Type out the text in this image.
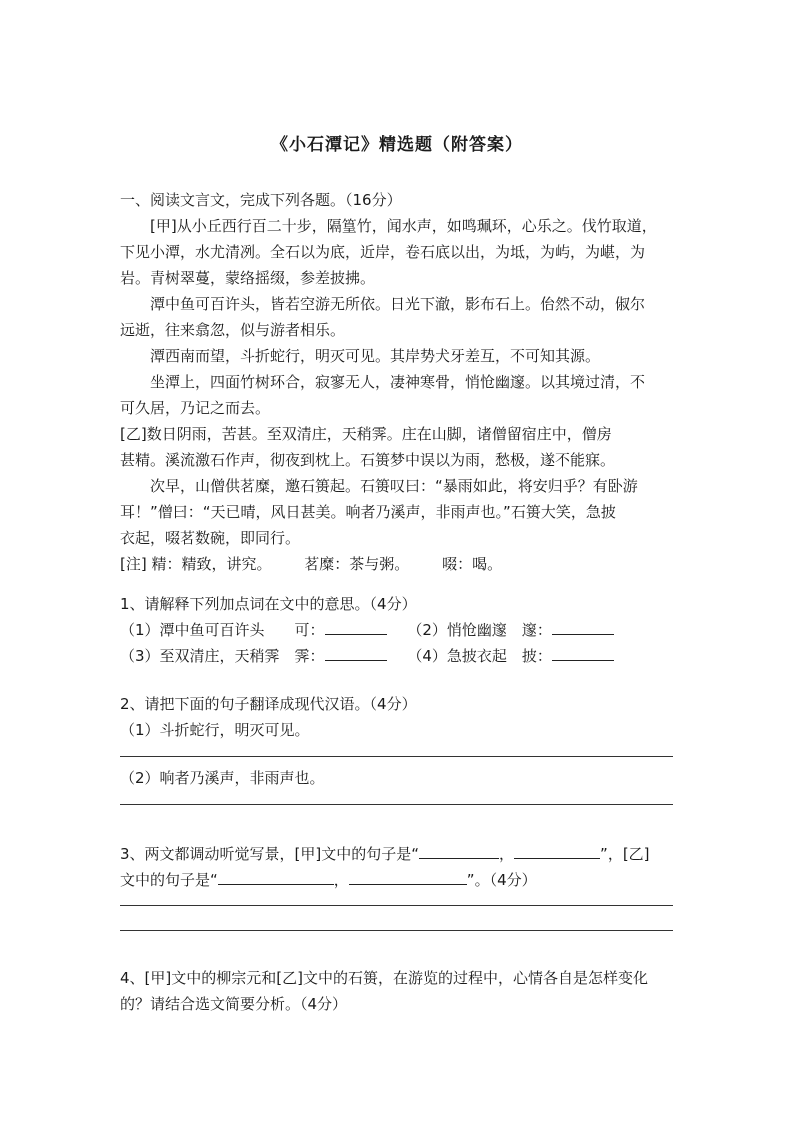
《小石潭记》精选题（附答案）
一、阅读文言文，完成下列各题。（16分）
[甲]从小丘西行百二十步，隔篁竹，闻水声，如鸣珮环，心乐之。伐竹取道，
下见小潭，水尤清冽。全石以为底，近岸，卷石底以出，为坻，为屿，为嵁，为
岩。青树翠蔓，蒙络摇缀，参差披拂。
潭中鱼可百许头，皆若空游无所依。日光下澈，影布石上。佁然不动，俶尔
远逝，往来翕忽，似与游者相乐。
潭西南而望，斗折蛇行，明灭可见。其岸势犬牙差互，不可知其源。
坐潭上，四面竹树环合，寂寥无人，凄神寒骨，悄怆幽邃。以其境过清，不
可久居，乃记之而去。
[乙]数日阴雨，苦甚。至双清庄，天稍霁。庄在山脚，诸僧留宿庄中，僧房
甚精。溪流激石作声，彻夜到枕上。石篑梦中误以为雨，愁极，遂不能寐。
次早，山僧供茗糜，邀石篑起。石篑叹曰：“暴雨如此，将安归乎？有卧游
耳！”僧曰：“天已晴，风日甚美。响者乃溪声，非雨声也。”石篑大笑，急披
衣起，啜茗数碗，即同行。
[注] 精：精致，讲究。 茗糜：茶与粥。 啜：喝。
1、请解释下列加点词在文中的意思。（4分）
（1）潭中鱼可百许头　　可：	（2）悄怆幽邃　邃：
（3）至双清庄，天稍霁　霁：	（4）急披衣起　披：
2、请把下面的句子翻译成现代汉语。（4分）
（1）斗折蛇行，明灭可见。
（2）响者乃溪声，非雨声也。
3、两文都调动听觉写景，[甲]文中的句子是“	，	”，[乙]
文中的句子是“	，	”。（4分）
4、[甲]文中的柳宗元和[乙]文中的石篑，在游览的过程中，心情各自是怎样变化
的？请结合选文简要分析。（4分）
